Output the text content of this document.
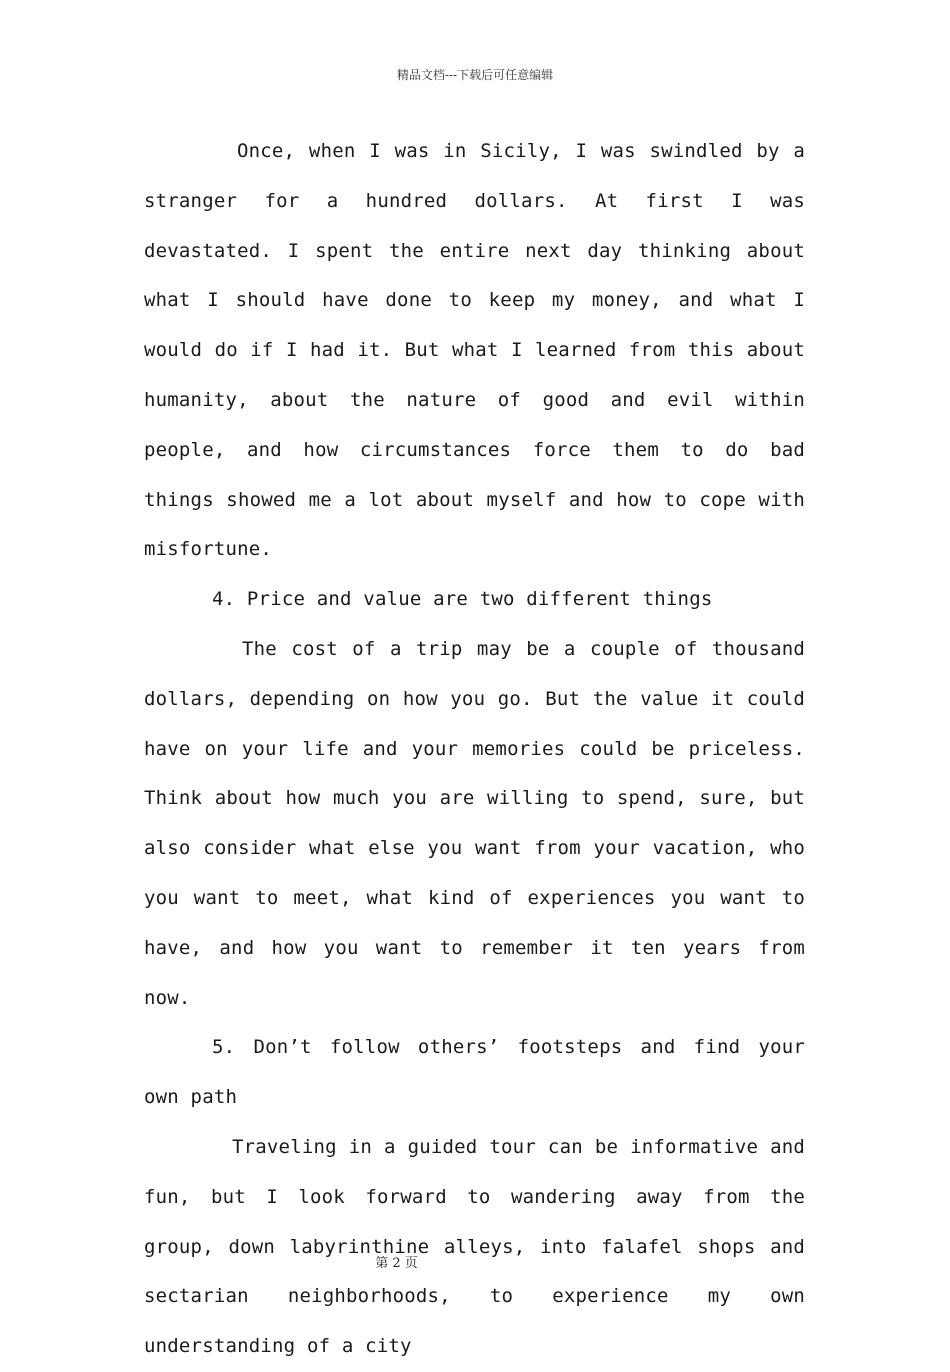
精品文档---下载后可任意编辑

Once, when I was in Sicily, I was swindled by a stranger for a hundred dollars. At first I was devastated. I spent the entire next day thinking about what I should have done to keep my money, and what I would do if I had it. But what I learned from this about humanity, about the nature of good and evil within people, and how circumstances force them to do bad things showed me a lot about myself and how to cope with misfortune.

4. Price and value are two different things

The cost of a trip may be a couple of thousand dollars, depending on how you go. But the value it could have on your life and your memories could be priceless. Think about how much you are willing to spend, sure, but also consider what else you want from your vacation, who you want to meet, what kind of experiences you want to have, and how you want to remember it ten years from now.

5. Don’t follow others’ footsteps and find your own path

Traveling in a guided tour can be informative and fun, but I look forward to wandering away from the group, down labyrinthine alleys, into falafel shops and sectarian neighborhoods, to experience my own understanding of a city

第 2 页
